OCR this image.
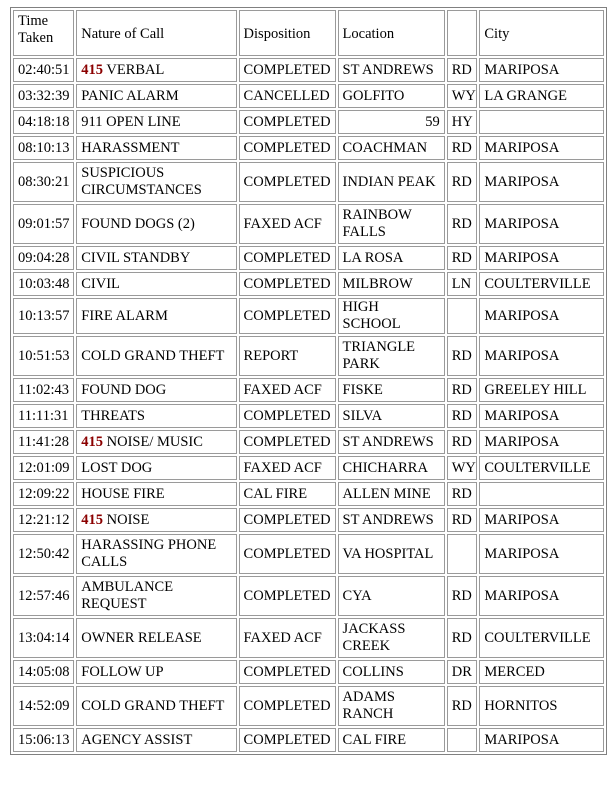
Time Taken	Nature of Call	Disposition	Location		City
02:40:51	415 VERBAL	COMPLETED	ST ANDREWS	RD	MARIPOSA
03:32:39	PANIC ALARM	CANCELLED	GOLFITO	WY	LA GRANGE
04:18:18	911 OPEN LINE	COMPLETED	59	HY	
08:10:13	HARASSMENT	COMPLETED	COACHMAN	RD	MARIPOSA
08:30:21	SUSPICIOUS CIRCUMSTANCES	COMPLETED	INDIAN PEAK	RD	MARIPOSA
09:01:57	FOUND DOGS (2)	FAXED ACF	RAINBOW FALLS	RD	MARIPOSA
09:04:28	CIVIL STANDBY	COMPLETED	LA ROSA	RD	MARIPOSA
10:03:48	CIVIL	COMPLETED	MILBROW	LN	COULTERVILLE
10:13:57	FIRE ALARM	COMPLETED	HIGH SCHOOL		MARIPOSA
10:51:53	COLD GRAND THEFT	REPORT	TRIANGLE PARK	RD	MARIPOSA
11:02:43	FOUND DOG	FAXED ACF	FISKE	RD	GREELEY HILL
11:11:31	THREATS	COMPLETED	SILVA	RD	MARIPOSA
11:41:28	415 NOISE/ MUSIC	COMPLETED	ST ANDREWS	RD	MARIPOSA
12:01:09	LOST DOG	FAXED ACF	CHICHARRA	WY	COULTERVILLE
12:09:22	HOUSE FIRE	CAL FIRE	ALLEN MINE	RD	
12:21:12	415 NOISE	COMPLETED	ST ANDREWS	RD	MARIPOSA
12:50:42	HARASSING PHONE CALLS	COMPLETED	VA HOSPITAL		MARIPOSA
12:57:46	AMBULANCE REQUEST	COMPLETED	CYA	RD	MARIPOSA
13:04:14	OWNER RELEASE	FAXED ACF	JACKASS CREEK	RD	COULTERVILLE
14:05:08	FOLLOW UP	COMPLETED	COLLINS	DR	MERCED
14:52:09	COLD GRAND THEFT	COMPLETED	ADAMS RANCH	RD	HORNITOS
15:06:13	AGENCY ASSIST	COMPLETED	CAL FIRE		MARIPOSA
